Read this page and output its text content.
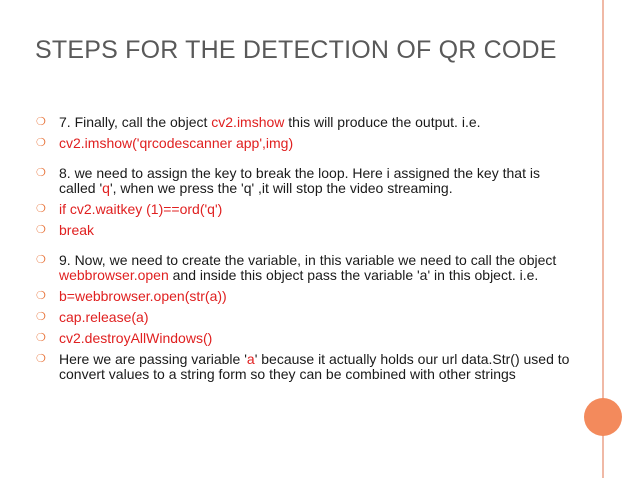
STEPS FOR THE DETECTION OF QR CODE
❍ 7. Finally, call the object cv2.imshow this will produce the output. i.e.
❍ cv2.imshow('qrcodescanner app',img)
❍ 8. we need to assign the key to break the loop. Here i assigned the key that is called 'q', when we press the 'q' ,it will stop the video streaming.
❍ if cv2.waitkey (1)==ord('q')
❍ break
❍ 9. Now, we need to create the variable, in this variable we need to call the object webbrowser.open and inside this object pass the variable 'a' in this object. i.e.
❍ b=webbrowser.open(str(a))
❍ cap.release(a)
❍ cv2.destroyAllWindows()
❍ Here we are passing variable 'a' because it actually holds our url data.Str() used to convert values to a string form so they can be combined with other strings
